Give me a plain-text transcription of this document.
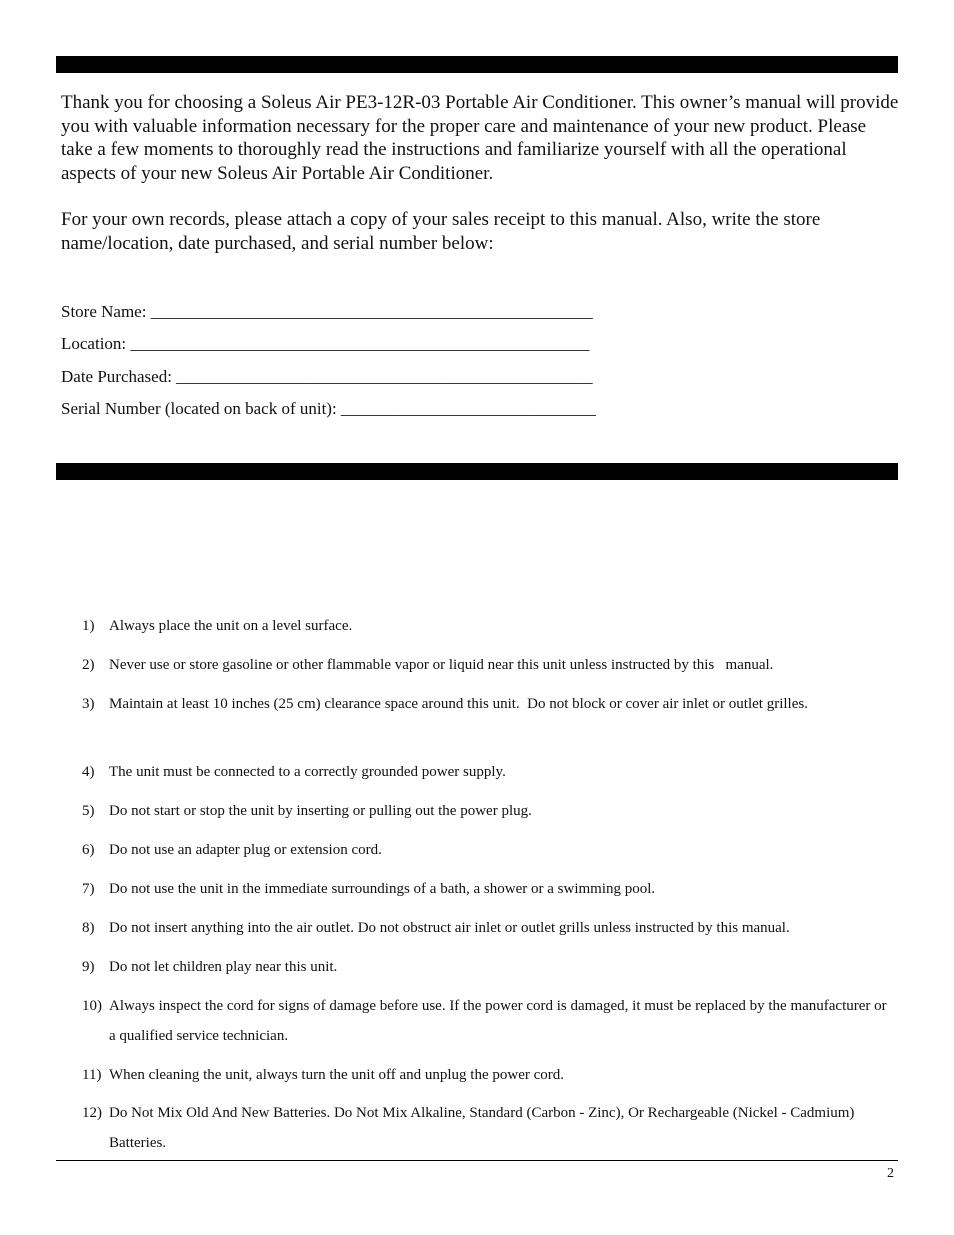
Thank you for choosing a Soleus Air PE3-12R-03 Portable Air Conditioner. This owner’s manual will provide you with valuable information necessary for the proper care and maintenance of your new product. Please take a few moments to thoroughly read the instructions and familiarize yourself with all the operational aspects of your new Soleus Air Portable Air Conditioner.

For your own records, please attach a copy of your sales receipt to this manual. Also, write the store name/location, date purchased, and serial number below:

Store Name: ____________________________________________________
Location: ______________________________________________________
Date Purchased: _________________________________________________
Serial Number (located on back of unit): ______________________________
1) Always place the unit on a level surface.
2) Never use or store gasoline or other flammable vapor or liquid near this unit unless instructed by this   manual.
3) Maintain at least 10 inches (25 cm) clearance space around this unit.  Do not block or cover air inlet or outlet grilles.
4) The unit must be connected to a correctly grounded power supply.
5) Do not start or stop the unit by inserting or pulling out the power plug.
6) Do not use an adapter plug or extension cord.
7) Do not use the unit in the immediate surroundings of a bath, a shower or a swimming pool.
8) Do not insert anything into the air outlet. Do not obstruct air inlet or outlet grills unless instructed by this manual.
9) Do not let children play near this unit.
10) Always inspect the cord for signs of damage before use. If the power cord is damaged, it must be replaced by the manufacturer or a qualified service technician.
11) When cleaning the unit, always turn the unit off and unplug the power cord.
12) Do Not Mix Old And New Batteries. Do Not Mix Alkaline, Standard (Carbon - Zinc), Or Rechargeable (Nickel - Cadmium) Batteries.
2
